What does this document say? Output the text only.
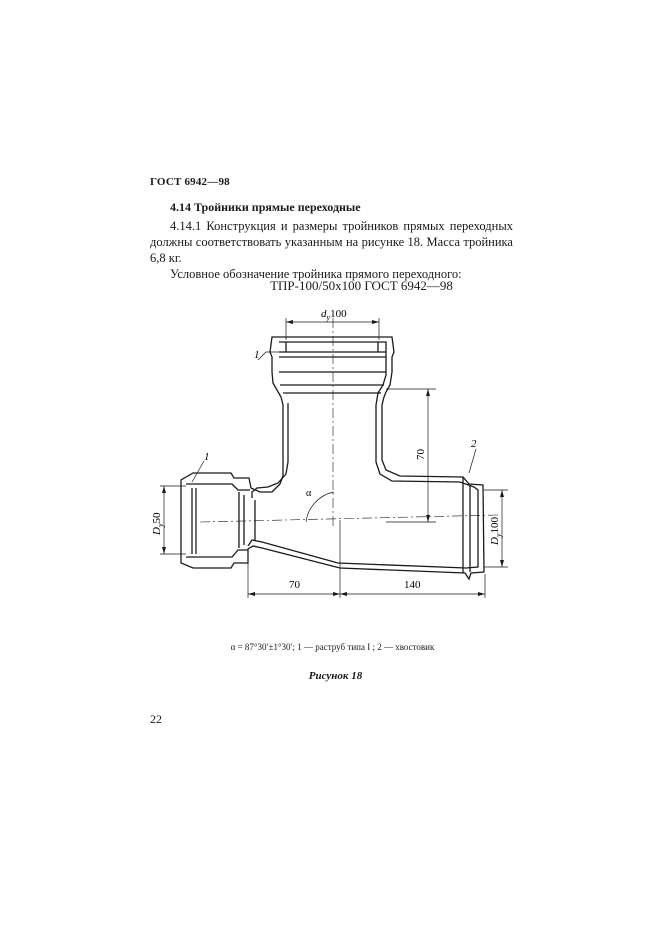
ГОСТ 6942—98
4.14 Тройники прямые переходные

4.14.1 Конструкция и размеры тройников прямых переходных должны соответствовать указанным на рисунке 18. Масса тройника 6,8 кг.

Условное обозначение тройника прямого переходного:

ТПР-100/50х100 ГОСТ 6942—98
$d_y100$
70
$D_y100$
$D_y50$
70	140
α
1
1
2
α = 87°30′±1°30′; 1 — раструб типа I ; 2 — хвостовик
Рисунок 18
22
